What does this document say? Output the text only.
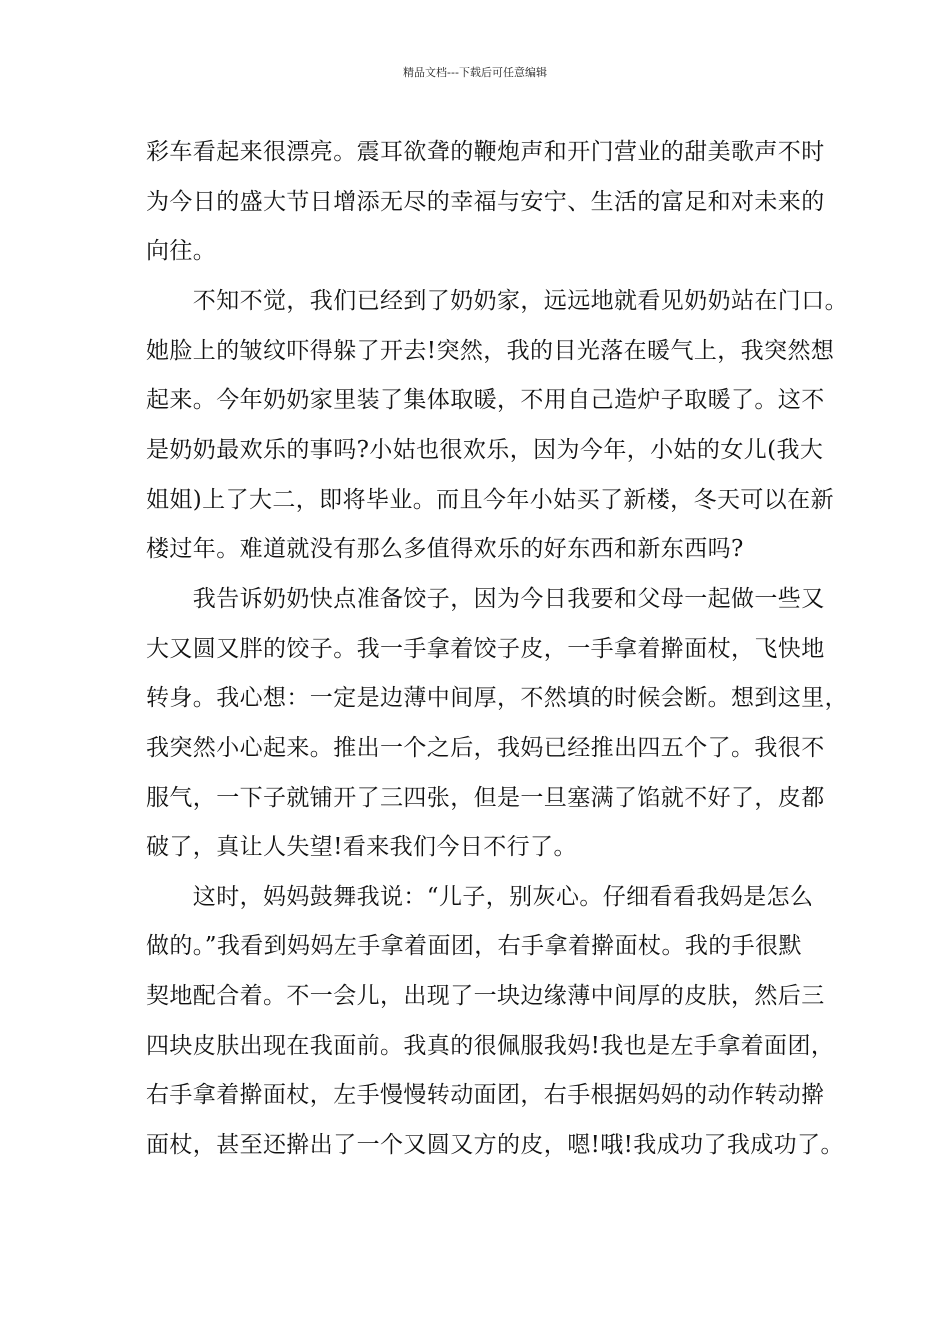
精品文档---下载后可任意编辑
彩车看起来很漂亮。震耳欲聋的鞭炮声和开门营业的甜美歌声不时
为今日的盛大节日增添无尽的幸福与安宁、生活的富足和对未来的
向往。
　　不知不觉，我们已经到了奶奶家，远远地就看见奶奶站在门口。
她脸上的皱纹吓得躲了开去!突然，我的目光落在暖气上，我突然想
起来。今年奶奶家里装了集体取暖，不用自己造炉子取暖了。这不
是奶奶最欢乐的事吗?小姑也很欢乐，因为今年，小姑的女儿(我大
姐姐)上了大二，即将毕业。而且今年小姑买了新楼，冬天可以在新
楼过年。难道就没有那么多值得欢乐的好东西和新东西吗?
　　我告诉奶奶快点准备饺子，因为今日我要和父母一起做一些又
大又圆又胖的饺子。我一手拿着饺子皮，一手拿着擀面杖，飞快地
转身。我心想：一定是边薄中间厚，不然填的时候会断。想到这里，
我突然小心起来。推出一个之后，我妈已经推出四五个了。我很不
服气，一下子就铺开了三四张，但是一旦塞满了馅就不好了，皮都
破了，真让人失望!看来我们今日不行了。
　　这时，妈妈鼓舞我说：“儿子，别灰心。仔细看看我妈是怎么
做的。”我看到妈妈左手拿着面团，右手拿着擀面杖。我的手很默
契地配合着。不一会儿，出现了一块边缘薄中间厚的皮肤，然后三
四块皮肤出现在我面前。我真的很佩服我妈!我也是左手拿着面团，
右手拿着擀面杖，左手慢慢转动面团，右手根据妈妈的动作转动擀
面杖，甚至还擀出了一个又圆又方的皮，嗯!哦!我成功了我成功了。
